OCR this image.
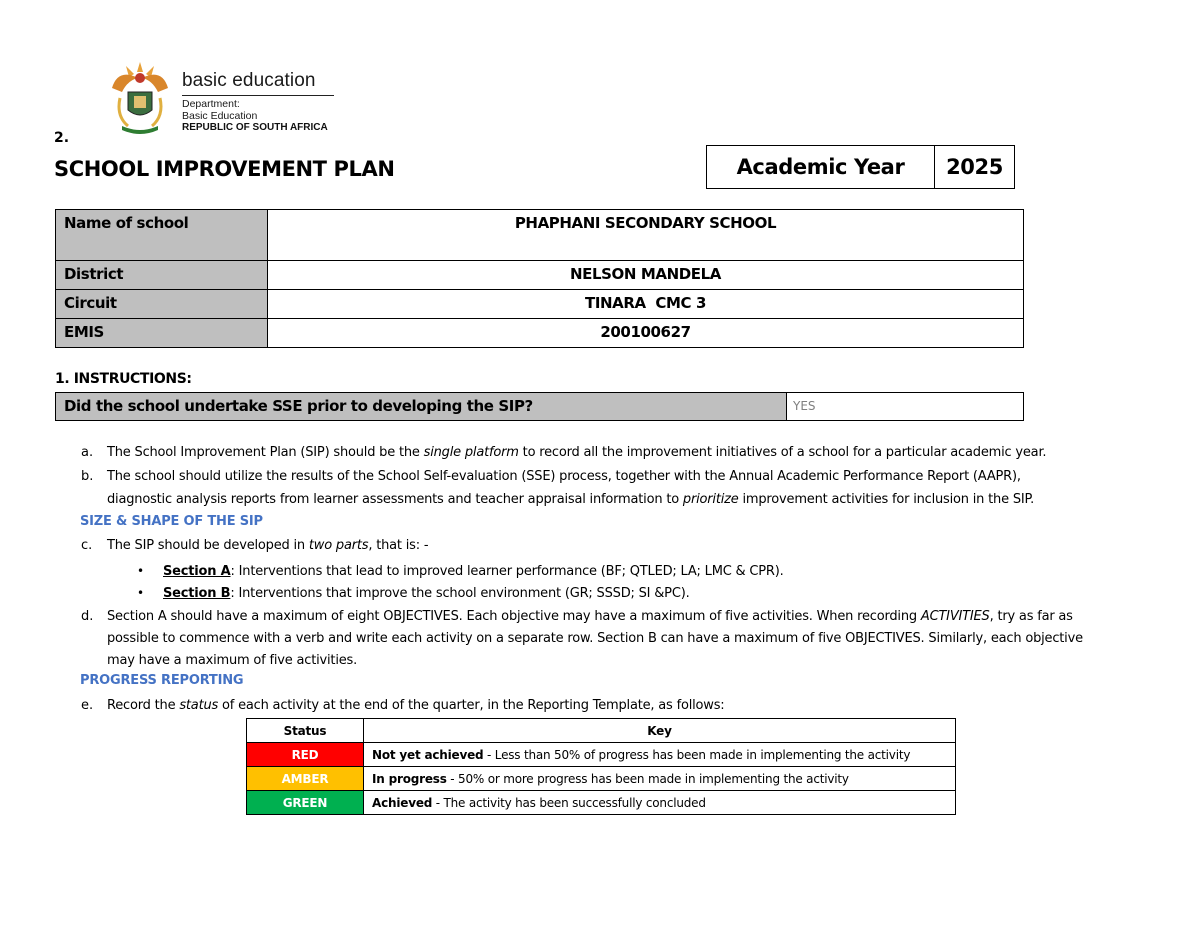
basic education
Department:
Basic Education
REPUBLIC OF SOUTH AFRICA
2.
SCHOOL IMPROVEMENT PLAN	Academic Year	2025
Name of school	PHAPHANI SECONDARY SCHOOL
District	NELSON MANDELA
Circuit	TINARA  CMC 3
EMIS	200100627
1. INSTRUCTIONS:
Did the school undertake SSE prior to developing the SIP?	YES
a. The School Improvement Plan (SIP) should be the single platform to record all the improvement initiatives of a school for a particular academic year.
b. The school should utilize the results of the School Self-evaluation (SSE) process, together with the Annual Academic Performance Report (AAPR),
diagnostic analysis reports from learner assessments and teacher appraisal information to prioritize improvement activities for inclusion in the SIP.
SIZE & SHAPE OF THE SIP
c. The SIP should be developed in two parts, that is: -
• Section A: Interventions that lead to improved learner performance (BF; QTLED; LA; LMC & CPR).
• Section B: Interventions that improve the school environment (GR; SSSD; SI &PC).
d. Section A should have a maximum of eight OBJECTIVES. Each objective may have a maximum of five activities. When recording ACTIVITIES, try as far as
possible to commence with a verb and write each activity on a separate row. Section B can have a maximum of five OBJECTIVES. Similarly, each objective
may have a maximum of five activities.
PROGRESS REPORTING
e. Record the status of each activity at the end of the quarter, in the Reporting Template, as follows:
Status	Key
RED	Not yet achieved - Less than 50% of progress has been made in implementing the activity
AMBER	In progress - 50% or more progress has been made in implementing the activity
GREEN	Achieved - The activity has been successfully concluded
